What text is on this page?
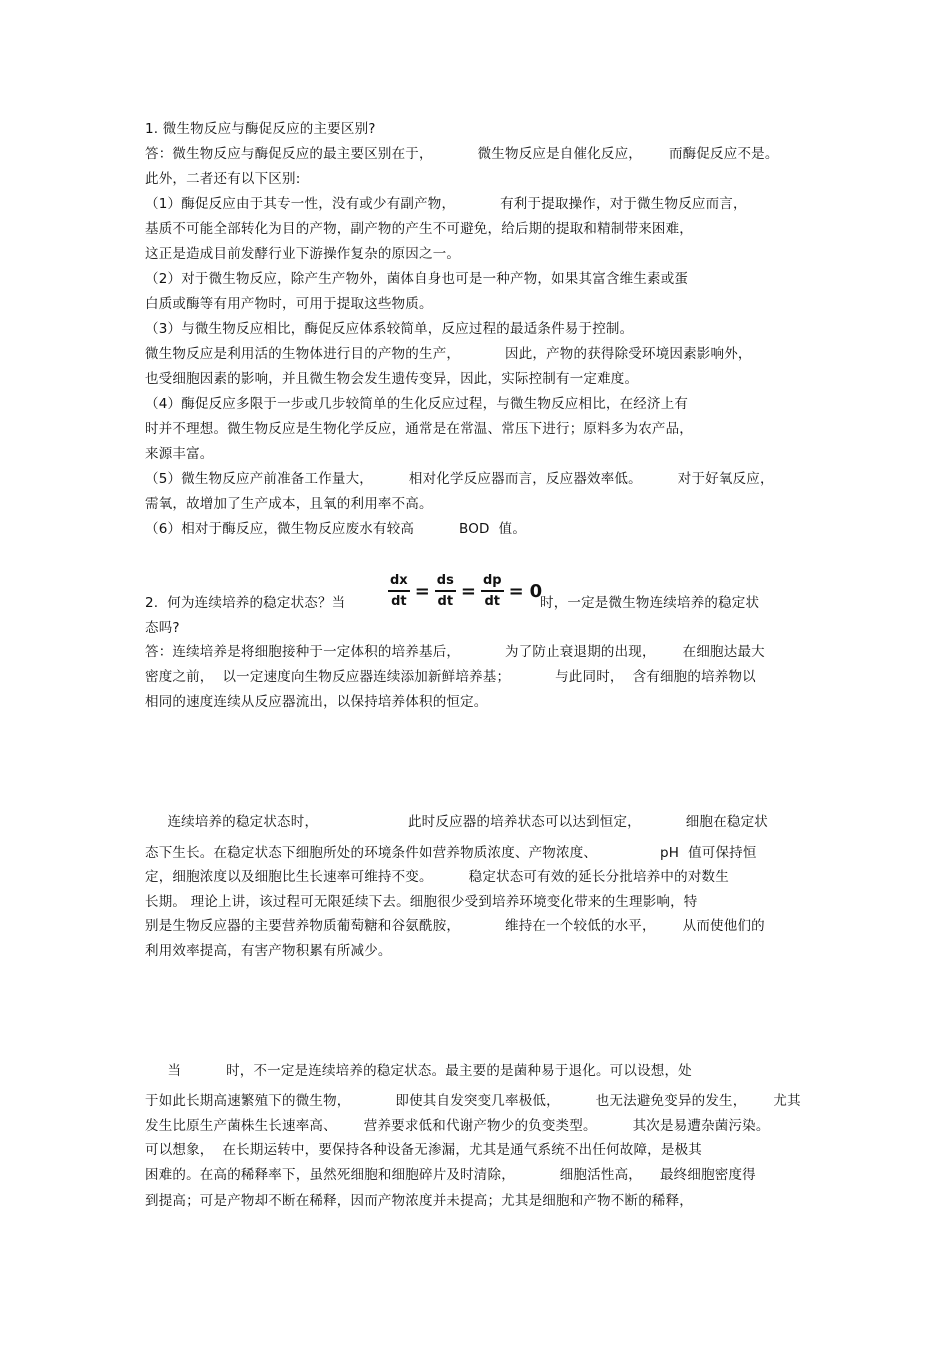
1. 微生物反应与酶促反应的主要区别?
答：微生物反应与酶促反应的最主要区别在于，          微生物反应是自催化反应，      而酶促反应不是。
此外，二者还有以下区别:
（1）酶促反应由于其专一性，没有或少有副产物，          有利于提取操作，对于微生物反应而言，
基质不可能全部转化为目的产物，副产物的产生不可避免，给后期的提取和精制带来困难，
这正是造成目前发酵行业下游操作复杂的原因之一。
（2）对于微生物反应，除产生产物外，菌体自身也可是一种产物，如果其富含维生素或蛋
白质或酶等有用产物时，可用于提取这些物质。
（3）与微生物反应相比，酶促反应体系较简单，反应过程的最适条件易于控制。
微生物反应是利用活的生物体进行目的产物的生产，          因此，产物的获得除受环境因素影响外，
也受细胞因素的影响，并且微生物会发生遗传变异，因此，实际控制有一定难度。
（4）酶促反应多限于一步或几步较简单的生化反应过程，与微生物反应相比，在经济上有
时并不理想。微生物反应是生物化学反应，通常是在常温、常压下进行；原料多为农产品，
来源丰富。
（5）微生物反应产前准备工作量大，        相对化学反应器而言，反应器效率低。        对于好氧反应，
需氧，故增加了生产成本，且氧的利用率不高。
（6）相对于酶反应，微生物反应废水有较高          BOD  值。
2.  何为连续培养的稳定状态？当	$\frac{dx}{dt} = \frac{ds}{dt} = \frac{dp}{dt} = 0$
时，一定是微生物连续培养的稳定状
态吗?
答：连续培养是将细胞接种于一定体积的培养基后，          为了防止衰退期的出现，      在细胞达最大
密度之前，  以一定速度向生物反应器连续添加新鲜培养基；          与此同时，  含有细胞的培养物以
相同的速度连续从反应器流出，以保持培养体积的恒定。
连续培养的稳定状态时，                    此时反应器的培养状态可以达到恒定，          细胞在稳定状
态下生长。在稳定状态下细胞所处的环境条件如营养物质浓度、产物浓度、              pH  值可保持恒
定，细胞浓度以及细胞比生长速率可维持不变。        稳定状态可有效的延长分批培养中的对数生
长期。 理论上讲，该过程可无限延续下去。细胞很少受到培养环境变化带来的生理影响，特
别是生物反应器的主要营养物质葡萄糖和谷氨酰胺，          维持在一个较低的水平，      从而使他们的
利用效率提高，有害产物积累有所减少。
当          时，不一定是连续培养的稳定状态。最主要的是菌种易于退化。可以设想，处
于如此长期高速繁殖下的微生物，          即使其自发突变几率极低，        也无法避免变异的发生，      尤其
发生比原生产菌株生长速率高、      营养要求低和代谢产物少的负变类型。        其次是易遭杂菌污染。
可以想象，  在长期运转中，要保持各种设备无渗漏，尤其是通气系统不出任何故障，是极其
困难的。在高的稀释率下，虽然死细胞和细胞碎片及时清除，          细胞活性高，    最终细胞密度得
到提高；可是产物却不断在稀释，因而产物浓度并未提高；尤其是细胞和产物不断的稀释，
